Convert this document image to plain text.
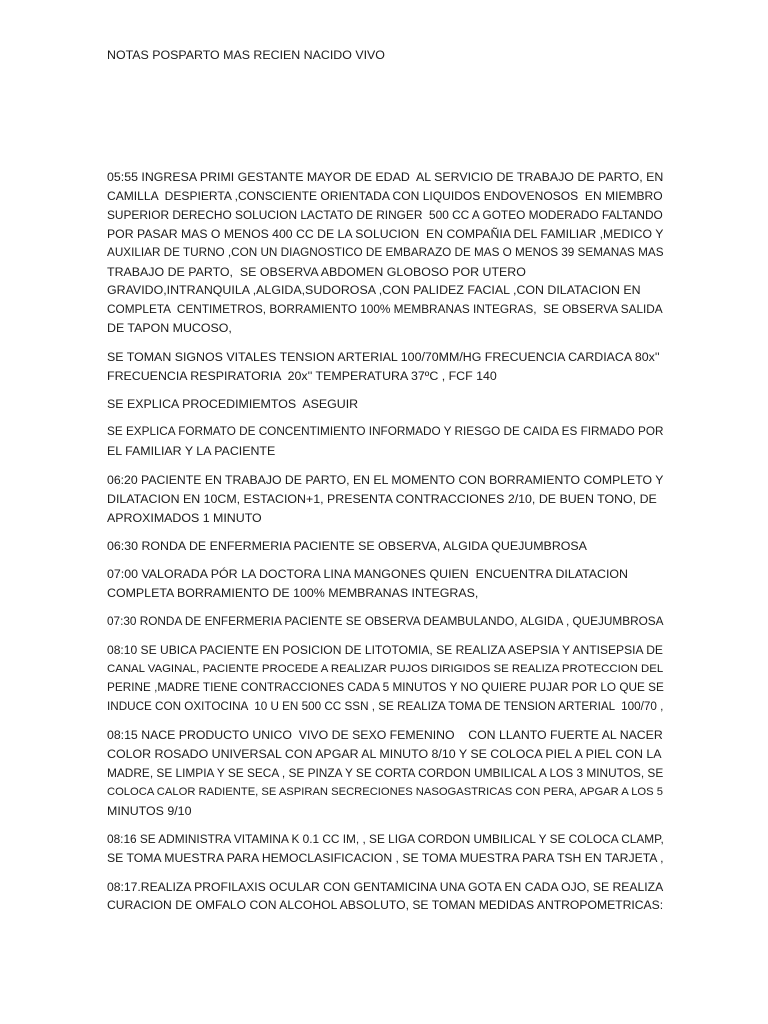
NOTAS POSPARTO MAS RECIEN NACIDO VIVO

05:55 INGRESA PRIMI GESTANTE MAYOR DE EDAD  AL SERVICIO DE TRABAJO DE PARTO, EN
CAMILLA  DESPIERTA ,CONSCIENTE ORIENTADA CON LIQUIDOS ENDOVENOSOS  EN MIEMBRO
SUPERIOR DERECHO SOLUCION LACTATO DE RINGER  500 CC A GOTEO MODERADO FALTANDO
POR PASAR MAS O MENOS 400 CC DE LA SOLUCION  EN COMPAÑIA DEL FAMILIAR ,MEDICO Y
AUXILIAR DE TURNO ,CON UN DIAGNOSTICO DE EMBARAZO DE MAS O MENOS 39 SEMANAS MAS
TRABAJO DE PARTO,  SE OBSERVA ABDOMEN GLOBOSO POR UTERO
GRAVIDO,INTRANQUILA ,ALGIDA,SUDOROSA ,CON PALIDEZ FACIAL ,CON DILATACION EN
COMPLETA  CENTIMETROS, BORRAMIENTO 100% MEMBRANAS INTEGRAS,  SE OBSERVA SALIDA
DE TAPON MUCOSO,

SE TOMAN SIGNOS VITALES TENSION ARTERIAL 100/70MM/HG FRECUENCIA CARDIACA 80x''
FRECUENCIA RESPIRATORIA  20x'' TEMPERATURA 37ºC , FCF 140

SE EXPLICA PROCEDIMIEMTOS  ASEGUIR

SE EXPLICA FORMATO DE CONCENTIMIENTO INFORMADO Y RIESGO DE CAIDA ES FIRMADO POR
EL FAMILIAR Y LA PACIENTE

06:20 PACIENTE EN TRABAJO DE PARTO, EN EL MOMENTO CON BORRAMIENTO COMPLETO Y
DILATACION EN 10CM, ESTACION+1, PRESENTA CONTRACCIONES 2/10, DE BUEN TONO, DE
APROXIMADOS 1 MINUTO

06:30 RONDA DE ENFERMERIA PACIENTE SE OBSERVA, ALGIDA QUEJUMBROSA

07:00 VALORADA PÓR LA DOCTORA LINA MANGONES QUIEN  ENCUENTRA DILATACION
COMPLETA BORRAMIENTO DE 100% MEMBRANAS INTEGRAS,

07:30 RONDA DE ENFERMERIA PACIENTE SE OBSERVA DEAMBULANDO, ALGIDA , QUEJUMBROSA

08:10 SE UBICA PACIENTE EN POSICION DE LITOTOMIA, SE REALIZA ASEPSIA Y ANTISEPSIA DE
CANAL VAGINAL, PACIENTE PROCEDE A REALIZAR PUJOS DIRIGIDOS SE REALIZA PROTECCION DEL
PERINE ,MADRE TIENE CONTRACCIONES CADA 5 MINUTOS Y NO QUIERE PUJAR POR LO QUE SE
INDUCE CON OXITOCINA  10 U EN 500 CC SSN , SE REALIZA TOMA DE TENSION ARTERIAL  100/70 ,

08:15 NACE PRODUCTO UNICO  VIVO DE SEXO FEMENINO    CON LLANTO FUERTE AL NACER
COLOR ROSADO UNIVERSAL CON APGAR AL MINUTO 8/10 Y SE COLOCA PIEL A PIEL CON LA
MADRE, SE LIMPIA Y SE SECA , SE PINZA Y SE CORTA CORDON UMBILICAL A LOS 3 MINUTOS, SE
COLOCA CALOR RADIENTE, SE ASPIRAN SECRECIONES NASOGASTRICAS CON PERA, APGAR A LOS 5
MINUTOS 9/10

08:16 SE ADMINISTRA VITAMINA K 0.1 CC IM, , SE LIGA CORDON UMBILICAL Y SE COLOCA CLAMP,
SE TOMA MUESTRA PARA HEMOCLASIFICACION , SE TOMA MUESTRA PARA TSH EN TARJETA ,

08:17.REALIZA PROFILAXIS OCULAR CON GENTAMICINA UNA GOTA EN CADA OJO, SE REALIZA
CURACION DE OMFALO CON ALCOHOL ABSOLUTO, SE TOMAN MEDIDAS ANTROPOMETRICAS:
